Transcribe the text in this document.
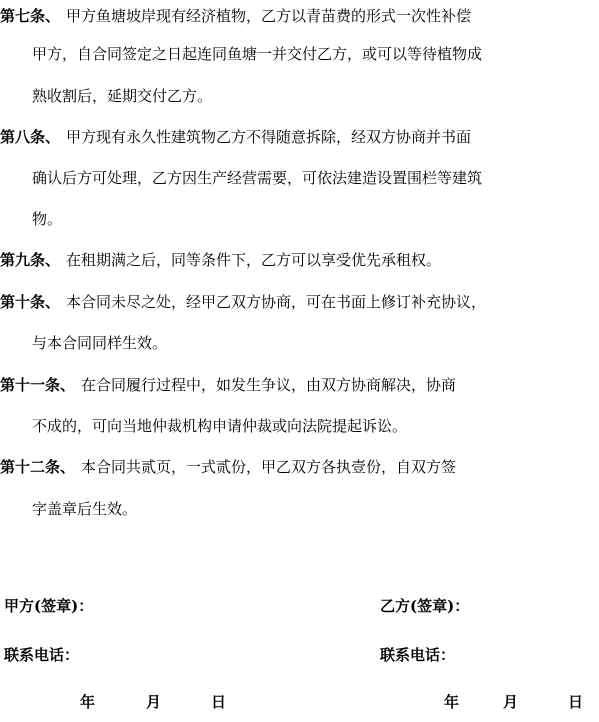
第七条、 甲方鱼塘坡岸现有经济植物，乙方以青苗费的形式一次性补偿
甲方，自合同签定之日起连同鱼塘一并交付乙方，或可以等待植物成
熟收割后，延期交付乙方。
第八条、 甲方现有永久性建筑物乙方不得随意拆除，经双方协商并书面
确认后方可处理，乙方因生产经营需要，可依法建造设置围栏等建筑
物。
第九条、 在租期满之后，同等条件下，乙方可以享受优先承租权。
第十条、 本合同未尽之处，经甲乙双方协商，可在书面上修订补充协议，
与本合同同样生效。
第十一条、 在合同履行过程中，如发生争议，由双方协商解决，协商
不成的，可向当地仲裁机构申请仲裁或向法院提起诉讼。
第十二条、 本合同共贰页，一式贰份，甲乙双方各执壹份，自双方签
字盖章后生效。
甲方(签章)：	乙方(签章)：
联系电话：	联系电话：
年	月	日	年	月	日
